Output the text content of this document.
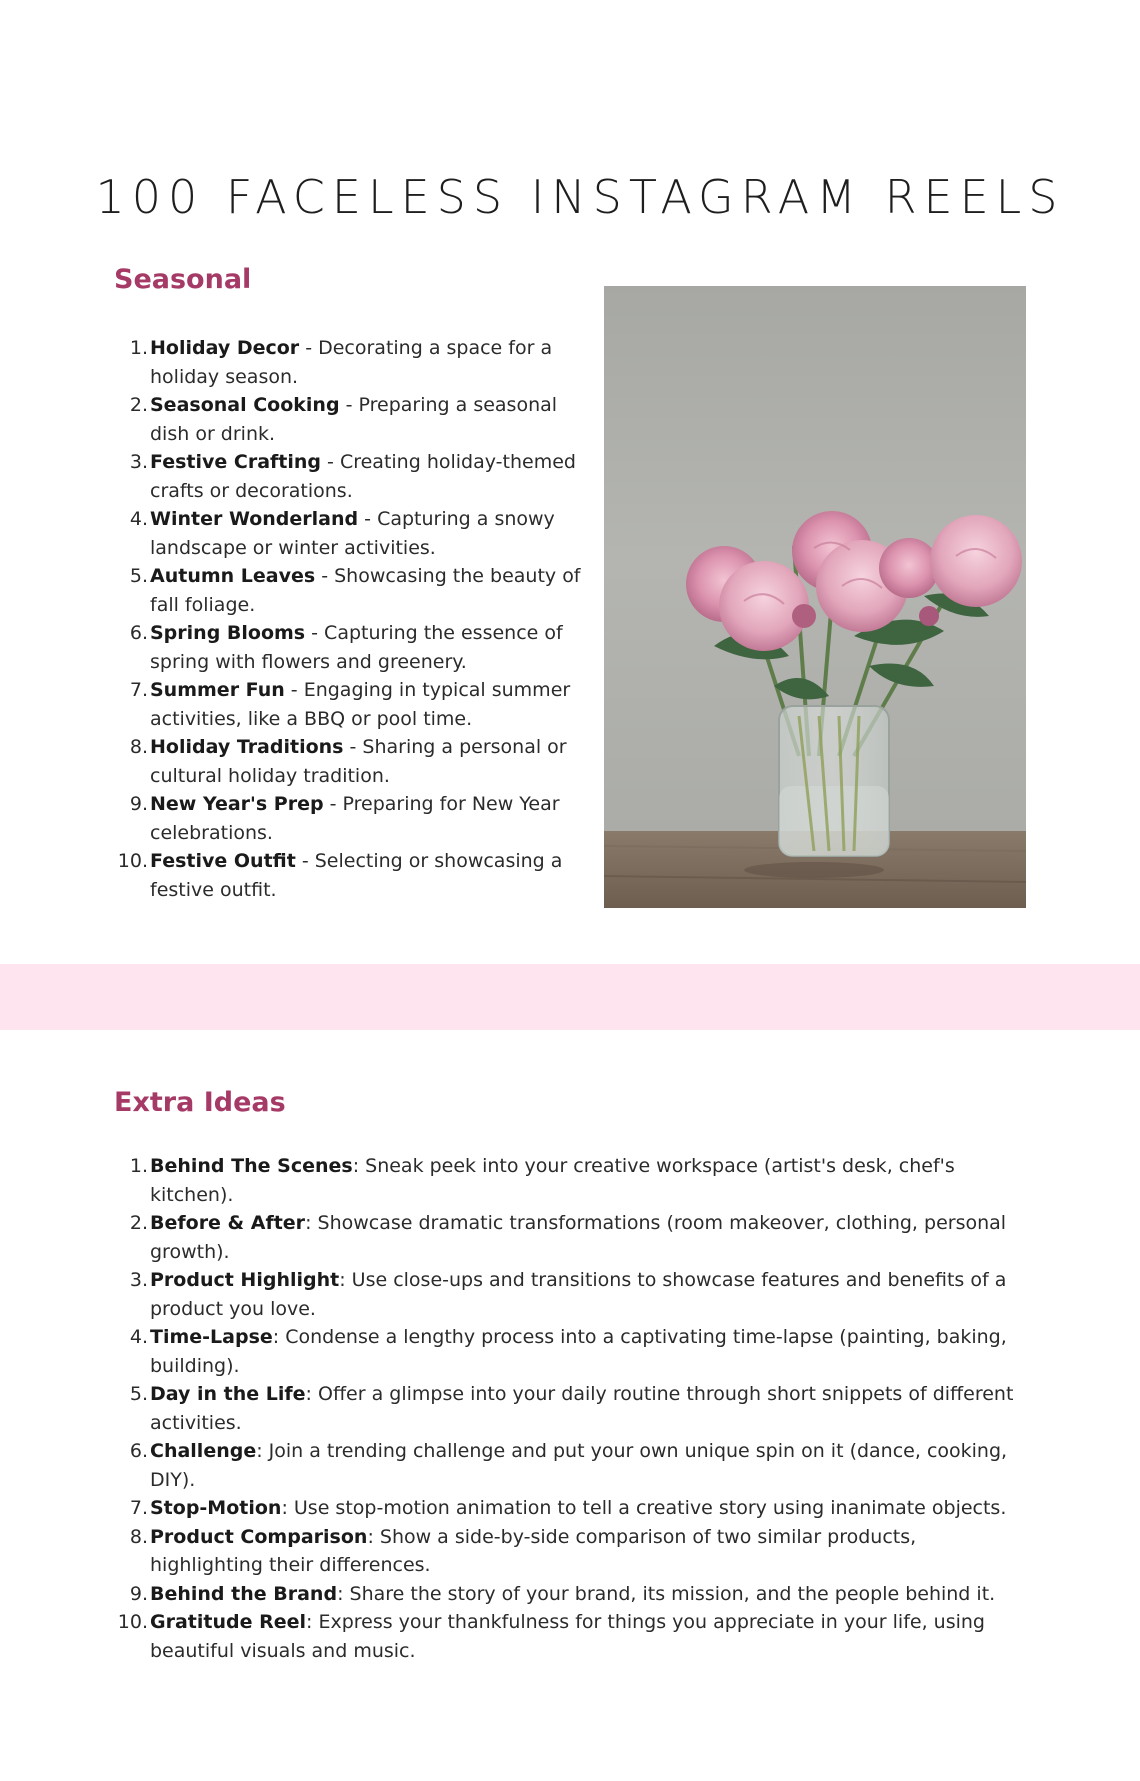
100 FACELESS INSTAGRAM REELS
Seasonal
1. Holiday Decor - Decorating a space for a holiday season.
2. Seasonal Cooking - Preparing a seasonal dish or drink.
3. Festive Crafting - Creating holiday-themed crafts or decorations.
4. Winter Wonderland - Capturing a snowy landscape or winter activities.
5. Autumn Leaves - Showcasing the beauty of fall foliage.
6. Spring Blooms - Capturing the essence of spring with flowers and greenery.
7. Summer Fun - Engaging in typical summer activities, like a BBQ or pool time.
8. Holiday Traditions - Sharing a personal or cultural holiday tradition.
9. New Year's Prep - Preparing for New Year celebrations.
10. Festive Outfit - Selecting or showcasing a festive outfit.
Extra Ideas
1. Behind The Scenes: Sneak peek into your creative workspace (artist's desk, chef's kitchen).
2. Before & After: Showcase dramatic transformations (room makeover, clothing, personal growth).
3. Product Highlight: Use close-ups and transitions to showcase features and benefits of a product you love.
4. Time-Lapse: Condense a lengthy process into a captivating time-lapse (painting, baking, building).
5. Day in the Life: Offer a glimpse into your daily routine through short snippets of different activities.
6. Challenge: Join a trending challenge and put your own unique spin on it (dance, cooking, DIY).
7. Stop-Motion: Use stop-motion animation to tell a creative story using inanimate objects.
8. Product Comparison: Show a side-by-side comparison of two similar products, highlighting their differences.
9. Behind the Brand: Share the story of your brand, its mission, and the people behind it.
10. Gratitude Reel: Express your thankfulness for things you appreciate in your life, using beautiful visuals and music.
